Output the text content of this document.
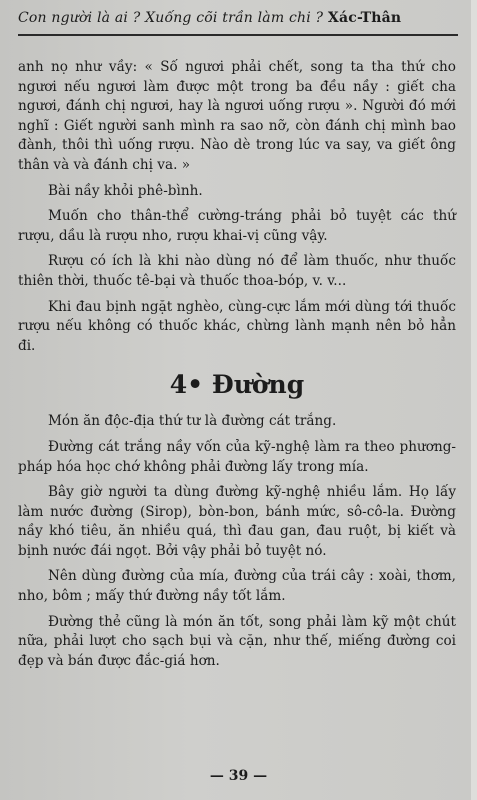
Con người là ai ? Xuống cõi trần làm chi ? Xác-Thân

anh nọ như vầy: « Số ngươi phải chết, song ta tha thứ cho ngươi nếu ngươi làm được một trong ba đều nầy : giết cha ngươi, đánh chị ngươi, hay là ngươi uống rượu ». Người đó mới nghĩ : Giết người sanh mình ra sao nỡ, còn đánh chị mình bao đành, thôi thì uống rượu. Nào dè trong lúc va say, va giết ông thân và và đánh chị va. »

Bài nầy khỏi phê-bình.

Muốn cho thân-thể cường-tráng phải bỏ tuyệt các thứ rượu, dầu là rượu nho, rượu khai-vị cũng vậy.

Rượu có ích là khi nào dùng nó để làm thuốc, như thuốc thiên thời, thuốc tê-bại và thuốc thoa-bóp, v. v...

Khi đau bịnh ngặt nghèo, cùng-cực lắm mới dùng tới thuốc rượu nếu không có thuốc khác, chừng lành mạnh nên bỏ hẳn đi.

4• Đường

Món ăn độc-địa thứ tư là đường cát trắng.

Đường cát trắng nầy vốn của kỹ-nghệ làm ra theo phương-pháp hóa học chớ không phải đường lấy trong mía.

Bây giờ người ta dùng đường kỹ-nghệ nhiều lắm. Họ lấy làm nước đường (Sirop), bòn-bon, bánh mức, sô-cô-la. Đường nầy khó tiêu, ăn nhiều quá, thì đau gan, đau ruột, bị kiết và bịnh nước đái ngọt. Bởi vậy phải bỏ tuyệt nó.

Nên dùng đường của mía, đường của trái cây : xoài, thơm, nho, bôm ; mấy thứ đường nầy tốt lắm.

Đường thẻ cũng là món ăn tốt, song phải làm kỹ một chút nữa, phải lượt cho sạch bụi và cặn, như thế, miếng đường coi đẹp và bán được đắc-giá hơn.

— 39 —
